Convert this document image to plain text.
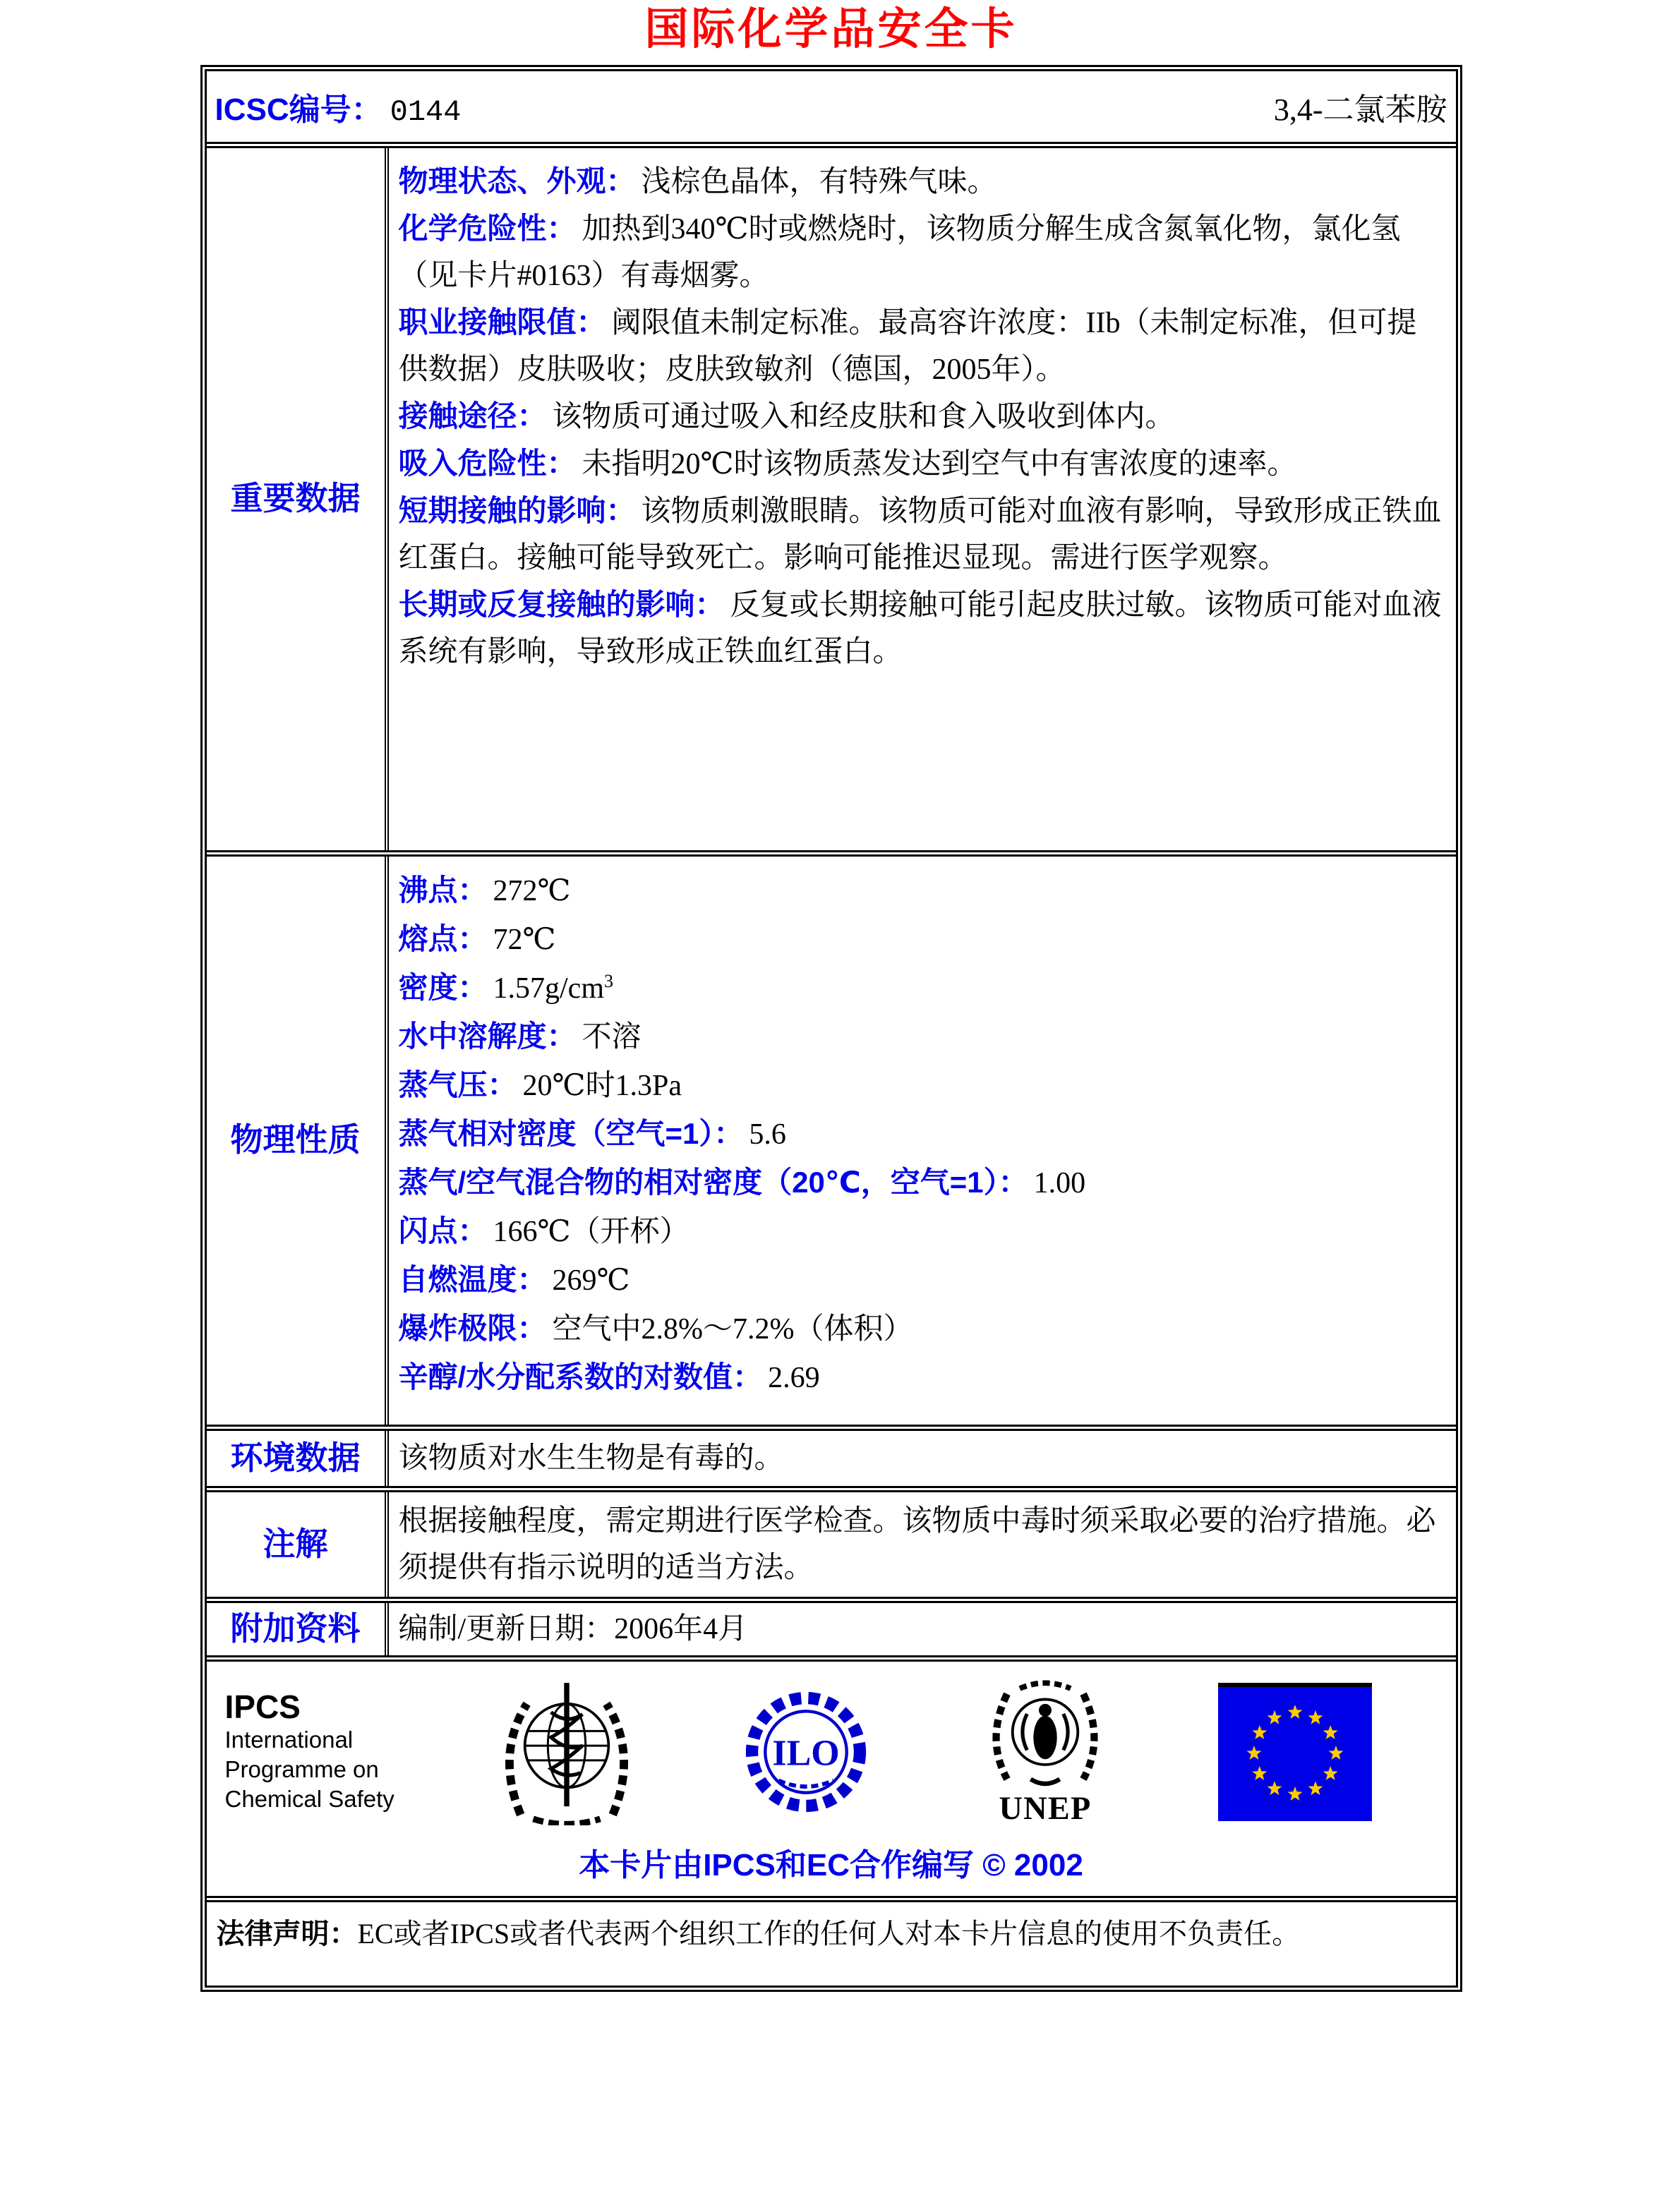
国际化学品安全卡
ICSC编号： 0144	3,4-二氯苯胺
重要数据
物理状态、外观： 浅棕色晶体，有特殊气味。
化学危险性： 加热到340℃时或燃烧时，该物质分解生成含氮氧化物，氯化氢（见卡片#0163）有毒烟雾。
职业接触限值： 阈限值未制定标准。最高容许浓度：IIb（未制定标准，但可提供数据）皮肤吸收；皮肤致敏剂（德国，2005年）。
接触途径： 该物质可通过吸入和经皮肤和食入吸收到体内。
吸入危险性： 未指明20℃时该物质蒸发达到空气中有害浓度的速率。
短期接触的影响： 该物质刺激眼睛。该物质可能对血液有影响，导致形成正铁血红蛋白。接触可能导致死亡。影响可能推迟显现。需进行医学观察。
长期或反复接触的影响： 反复或长期接触可能引起皮肤过敏。该物质可能对血液系统有影响，导致形成正铁血红蛋白。
物理性质
沸点： 272℃
熔点： 72℃
密度： $1.57g/cm^3$
水中溶解度： 不溶
蒸气压： 20℃时1.3Pa
蒸气相对密度（空气=1）： 5.6
蒸气/空气混合物的相对密度（20℃，空气=1）： 1.00
闪点： 166℃（开杯）
自燃温度： 269℃
爆炸极限： 空气中2.8%～7.2%（体积）
辛醇/水分配系数的对数值： 2.69
环境数据 该物质对水生生物是有毒的。
注解
根据接触程度，需定期进行医学检查。该物质中毒时须采取必要的治疗措施。必须提供有指示说明的适当方法。
附加资料 编制/更新日期：2006年4月
IPCS
International
Programme on
Chemical Safety
ILO
UNEP
本卡片由IPCS和EC合作编写 © 2002
法律声明：EC或者IPCS或者代表两个组织工作的任何人对本卡片信息的使用不负责任。
